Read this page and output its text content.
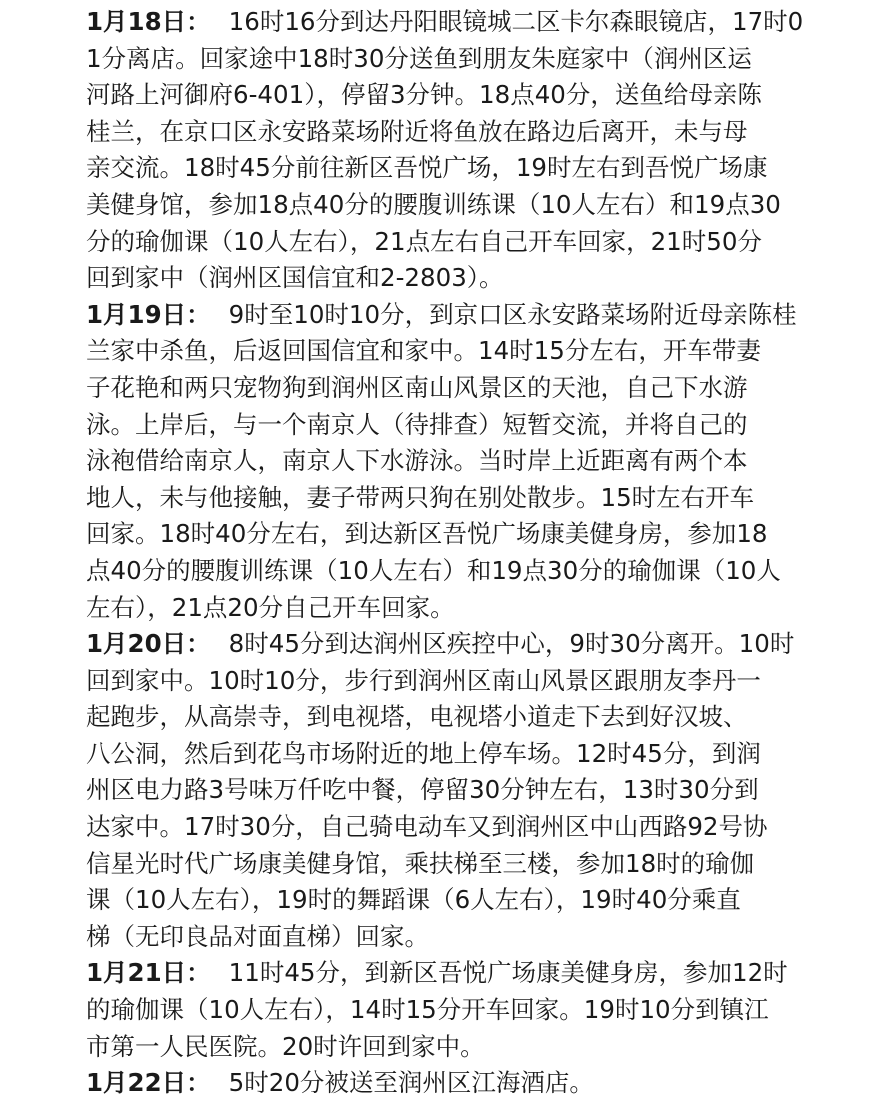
1月18日： 16时16分到达丹阳眼镜城二区卡尔森眼镜店，17时0
1分离店。回家途中18时30分送鱼到朋友朱庭家中（润州区运
河路上河御府6-401），停留3分钟。18点40分，送鱼给母亲陈
桂兰，在京口区永安路菜场附近将鱼放在路边后离开，未与母
亲交流。18时45分前往新区吾悦广场，19时左右到吾悦广场康
美健身馆，参加18点40分的腰腹训练课（10人左右）和19点30
分的瑜伽课（10人左右），21点左右自己开车回家，21时50分
回到家中（润州区国信宜和2-2803）。
1月19日： 9时至10时10分，到京口区永安路菜场附近母亲陈桂
兰家中杀鱼，后返回国信宜和家中。14时15分左右，开车带妻
子花艳和两只宠物狗到润州区南山风景区的天池，自己下水游
泳。上岸后，与一个南京人（待排查）短暂交流，并将自己的
泳袍借给南京人，南京人下水游泳。当时岸上近距离有两个本
地人，未与他接触，妻子带两只狗在别处散步。15时左右开车
回家。18时40分左右，到达新区吾悦广场康美健身房，参加18
点40分的腰腹训练课（10人左右）和19点30分的瑜伽课（10人
左右），21点20分自己开车回家。
1月20日： 8时45分到达润州区疾控中心，9时30分离开。10时
回到家中。10时10分，步行到润州区南山风景区跟朋友李丹一
起跑步，从高崇寺，到电视塔，电视塔小道走下去到好汉坡、
八公洞，然后到花鸟市场附近的地上停车场。12时45分，到润
州区电力路3号味万仟吃中餐，停留30分钟左右，13时30分到
达家中。17时30分，自己骑电动车又到润州区中山西路92号协
信星光时代广场康美健身馆，乘扶梯至三楼，参加18时的瑜伽
课（10人左右），19时的舞蹈课（6人左右），19时40分乘直
梯（无印良品对面直梯）回家。
1月21日： 11时45分，到新区吾悦广场康美健身房，参加12时
的瑜伽课（10人左右），14时15分开车回家。19时10分到镇江
市第一人民医院。20时许回到家中。
1月22日： 5时20分被送至润州区江海酒店。
